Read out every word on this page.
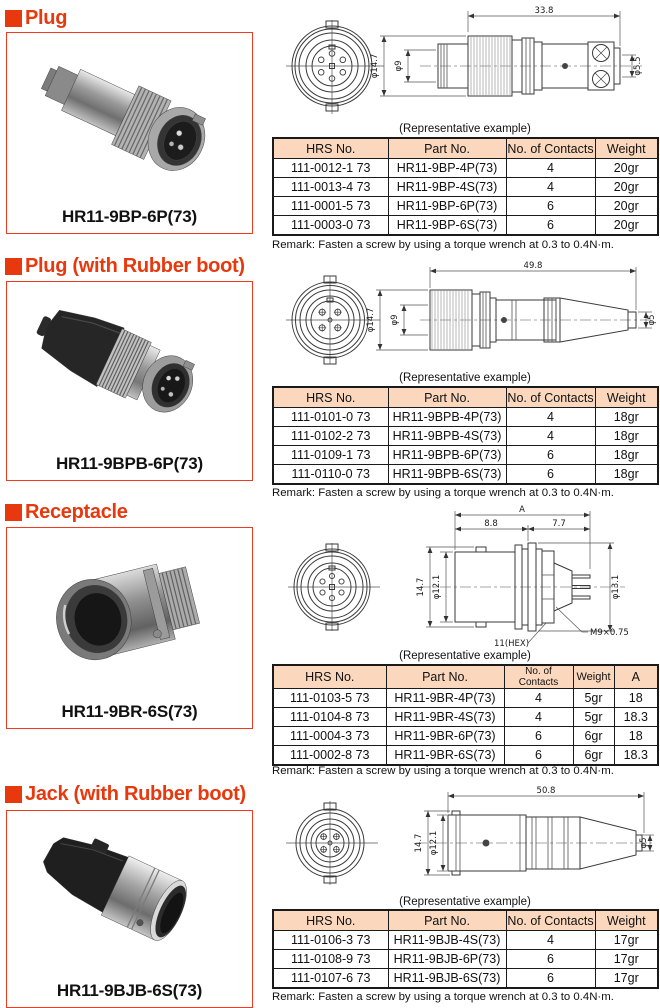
Plug
HR11-9BP-6P(73)
33.8
φ14.7 φ9	φ5.5
(Representative example)
HRS No.	Part No.	No. of Contacts	Weight
111-0012-1 73	HR11-9BP-4P(73)	4	20gr
111-0013-4 73	HR11-9BP-4S(73)	4	20gr
111-0001-5 73	HR11-9BP-6P(73)	6	20gr
111-0003-0 73	HR11-9BP-6S(73)	6	20gr
Remark: Fasten a screw by using a torque wrench at 0.3 to 0.4N·m.
Plug (with Rubber boot)
HR11-9BPB-6P(73)
49.8
φ14.7 φ9	φ5
(Representative example)
HRS No.	Part No.	No. of Contacts	Weight
111-0101-0 73	HR11-9BPB-4P(73)	4	18gr
111-0102-2 73	HR11-9BPB-4S(73)	4	18gr
111-0109-1 73	HR11-9BPB-6P(73)	6	18gr
111-0110-0 73	HR11-9BPB-6S(73)	6	18gr
Remark: Fasten a screw by using a torque wrench at 0.3 to 0.4N·m.
Receptacle
HR11-9BR-6S(73)
A
8.8	7.7
14.7 φ12.1	φ13.1
M9×0.75
11(HEX)
(Representative example)
HRS No.	Part No.	No. of Contacts	Weight	A
111-0103-5 73	HR11-9BR-4P(73)	4	5gr	18
111-0104-8 73	HR11-9BR-4S(73)	4	5gr	18.3
111-0004-3 73	HR11-9BR-6P(73)	6	6gr	18
111-0002-8 73	HR11-9BR-6S(73)	6	6gr	18.3
Remark: Fasten a screw by using a torque wrench at 0.3 to 0.4N·m.
Jack (with Rubber boot)
HR11-9BJB-6S(73)
50.8
14.7 φ12.1	φ5
(Representative example)
HRS No.	Part No.	No. of Contacts	Weight
111-0106-3 73	HR11-9BJB-4S(73)	4	17gr
111-0108-9 73	HR11-9BJB-6P(73)	6	17gr
111-0107-6 73	HR11-9BJB-6S(73)	6	17gr
Remark: Fasten a screw by using a torque wrench at 0.3 to 0.4N·m.
